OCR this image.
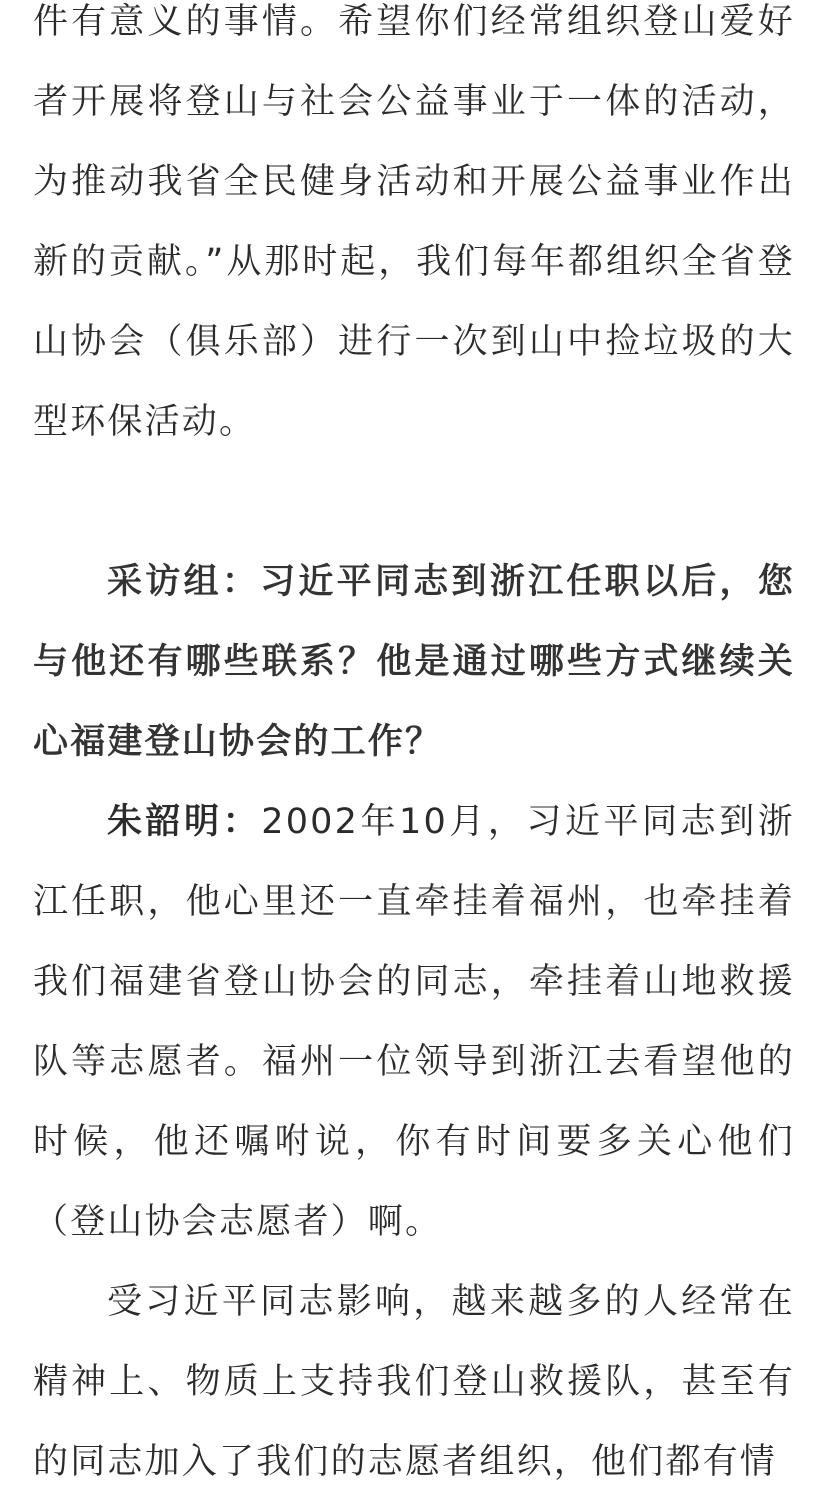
件有意义的事情。希望你们经常组织登山爱好者开展将登山与社会公益事业于一体的活动，为推动我省全民健身活动和开展公益事业作出新的贡献。”从那时起，我们每年都组织全省登山协会（俱乐部）进行一次到山中捡垃圾的大型环保活动。

采访组：习近平同志到浙江任职以后，您与他还有哪些联系？他是通过哪些方式继续关心福建登山协会的工作？

朱韶明：2002年10月，习近平同志到浙江任职，他心里还一直牵挂着福州，也牵挂着我们福建省登山协会的同志，牵挂着山地救援队等志愿者。福州一位领导到浙江去看望他的时候，他还嘱咐说，你有时间要多关心他们（登山协会志愿者）啊。

受习近平同志影响，越来越多的人经常在精神上、物质上支持我们登山救援队，甚至有的同志加入了我们的志愿者组织，他们都有情
